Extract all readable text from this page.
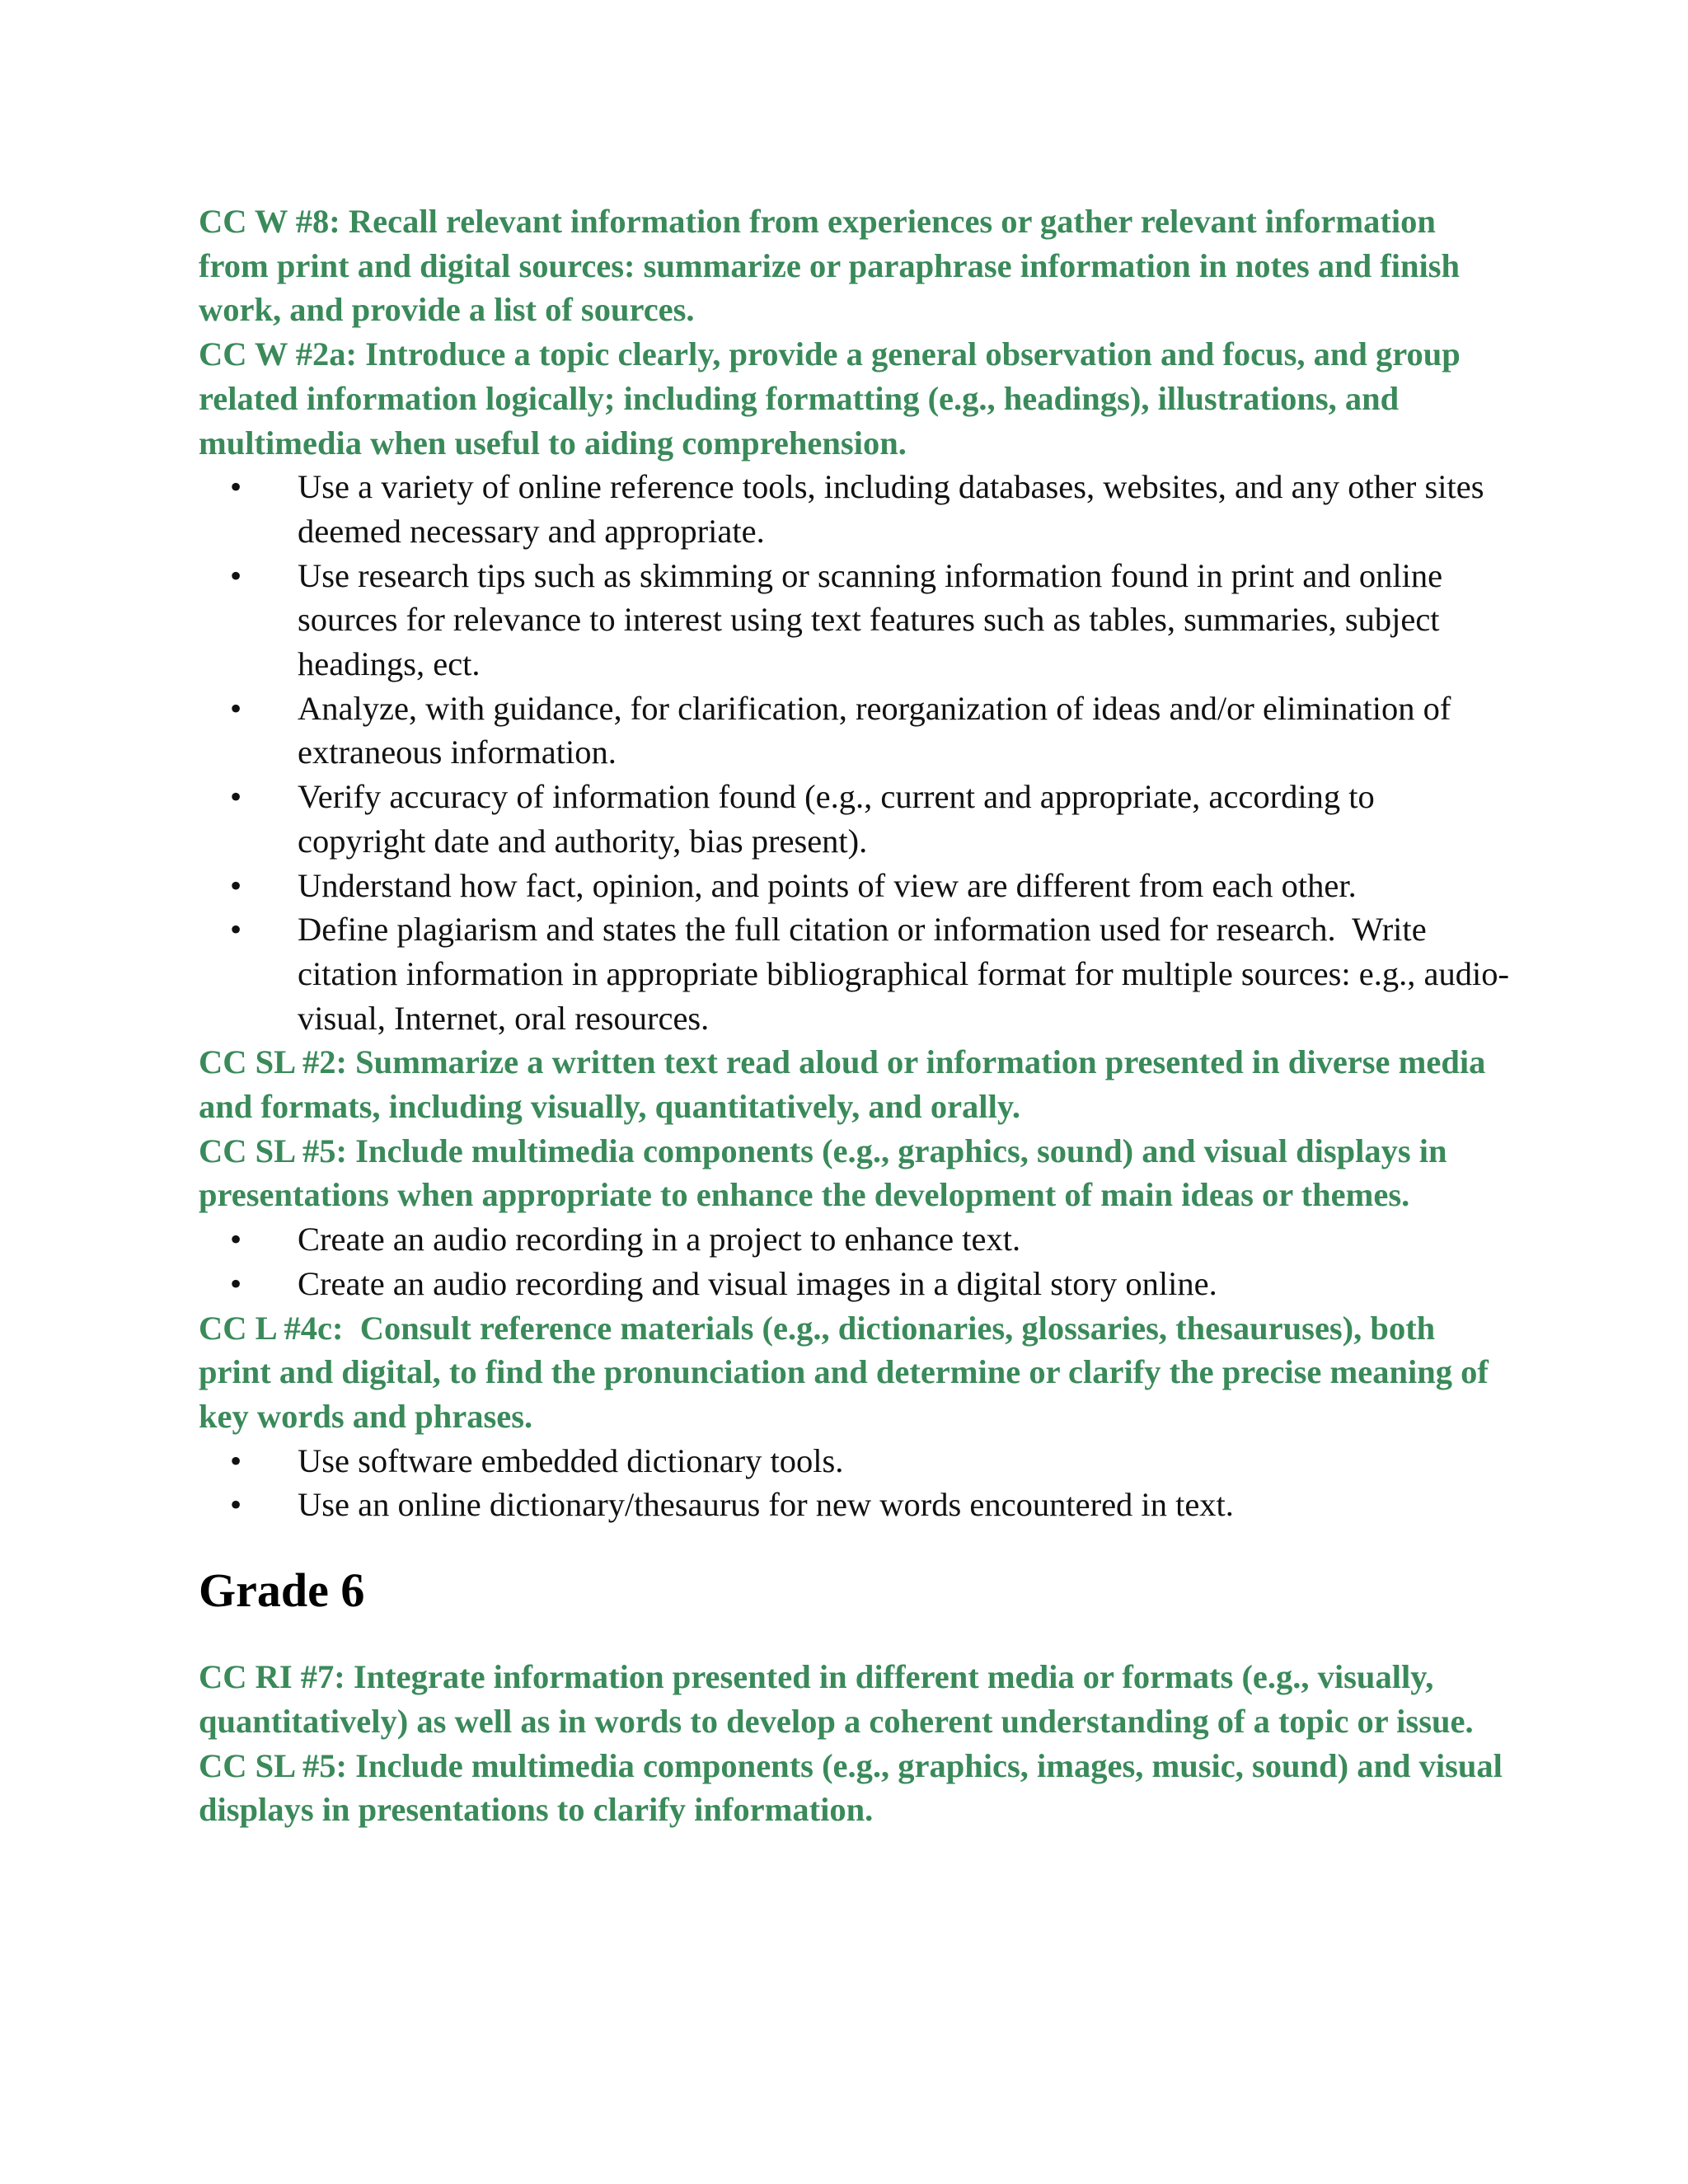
CC W #8: Recall relevant information from experiences or gather relevant information from print and digital sources: summarize or paraphrase information in notes and finish work, and provide a list of sources.

CC W #2a: Introduce a topic clearly, provide a general observation and focus, and group related information logically; including formatting (e.g., headings), illustrations, and multimedia when useful to aiding comprehension.

•	Use a variety of online reference tools, including databases, websites, and any other sites deemed necessary and appropriate.
•	Use research tips such as skimming or scanning information found in print and online sources for relevance to interest using text features such as tables, summaries, subject headings, ect.
•	Analyze, with guidance, for clarification, reorganization of ideas and/or elimination of extraneous information.
•	Verify accuracy of information found (e.g., current and appropriate, according to copyright date and authority, bias present).
•	Understand how fact, opinion, and points of view are different from each other.
•	Define plagiarism and states the full citation or information used for research.  Write citation information in appropriate bibliographical format for multiple sources: e.g., audio-visual, Internet, oral resources.

CC SL #2: Summarize a written text read aloud or information presented in diverse media and formats, including visually, quantitatively, and orally.

CC SL #5: Include multimedia components (e.g., graphics, sound) and visual displays in presentations when appropriate to enhance the development of main ideas or themes.

•	Create an audio recording in a project to enhance text.
•	Create an audio recording and visual images in a digital story online.

CC L #4c:  Consult reference materials (e.g., dictionaries, glossaries, thesauruses), both print and digital, to find the pronunciation and determine or clarify the precise meaning of key words and phrases.

•	Use software embedded dictionary tools.
•	Use an online dictionary/thesaurus for new words encountered in text.
Grade 6

CC RI #7: Integrate information presented in different media or formats (e.g., visually, quantitatively) as well as in words to develop a coherent understanding of a topic or issue.

CC SL #5: Include multimedia components (e.g., graphics, images, music, sound) and visual displays in presentations to clarify information.
